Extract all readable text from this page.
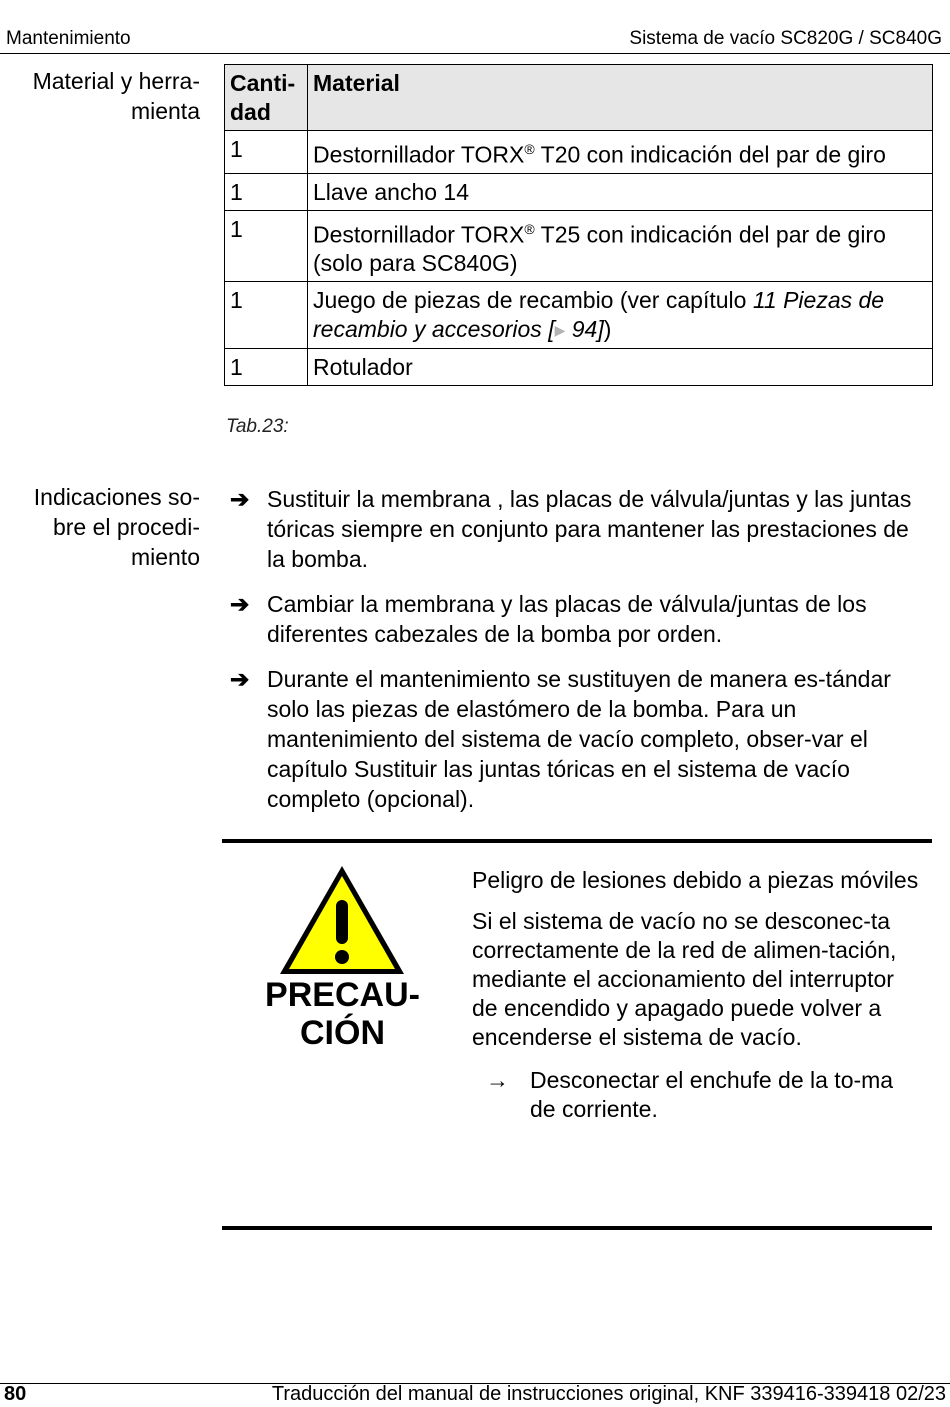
Mantenimiento	Sistema de vacío SC820G / SC840G
Material y herra-
mienta
Canti-
dad	Material
1	Destornillador TORX® T20 con indicación del par de giro
1	Llave ancho 14
1	Destornillador TORX® T25 con indicación del par de giro (solo para SC840G)
1	Juego de piezas de recambio (ver capítulo 11 Piezas de recambio y accesorios [▶ 94])
1	Rotulador
Tab.23:
Indicaciones so-
bre el procedi-
miento
➔ Sustituir la membrana , las placas de válvula/juntas y las juntas tóricas siempre en conjunto para mantener las prestaciones de la bomba.
➔ Cambiar la membrana y las placas de válvula/juntas de los diferentes cabezales de la bomba por orden.
➔ Durante el mantenimiento se sustituyen de manera es-tándar solo las piezas de elastómero de la bomba. Para un mantenimiento del sistema de vacío completo, obser-var el capítulo Sustituir las juntas tóricas en el sistema de vacío completo (opcional).
PRECAU-
CIÓN

Peligro de lesiones debido a piezas móviles

Si el sistema de vacío no se desconec-ta correctamente de la red de alimen-tación, mediante el accionamiento del interruptor de encendido y apagado puede volver a encenderse el sistema de vacío.

→ Desconectar el enchufe de la to-ma de corriente.
80	Traducción del manual de instrucciones original, KNF 339416-339418 02/23
